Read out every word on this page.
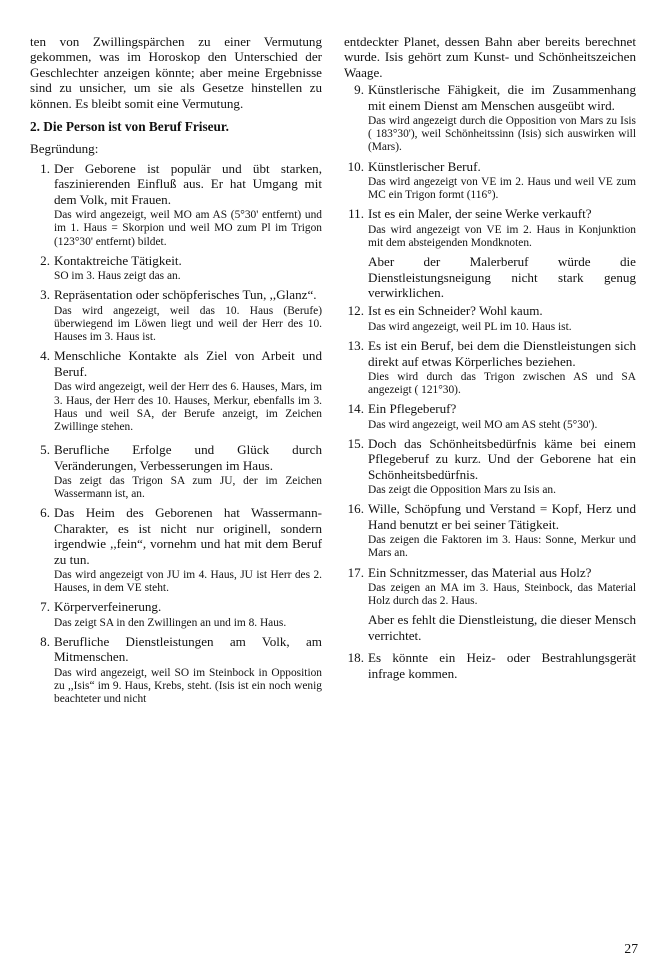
ten von Zwillingspärchen zu einer Vermutung gekommen, was im Horoskop den Unterschied der Geschlechter anzeigen könnte; aber meine Ergebnisse sind zu unsicher, um sie als Gesetze hinstellen zu können. Es bleibt somit eine Vermutung.

2. Die Person ist von Beruf Friseur.

Begründung:

1. Der Geborene ist populär und übt starken, faszinierenden Einfluß aus. Er hat Umgang mit dem Volk, mit Frauen.
Das wird angezeigt, weil MO am AS (5°30' entfernt) und im 1. Haus = Skorpion und weil MO zum Pl im Trigon (123°30' entfernt) bildet.
2. Kontaktreiche Tätigkeit.
SO im 3. Haus zeigt das an.
3. Repräsentation oder schöpferisches Tun, ,,Glanz“.
Das wird angezeigt, weil das 10. Haus (Berufe) überwiegend im Löwen liegt und weil der Herr des 10. Hauses im 3. Haus ist.
4. Menschliche Kontakte als Ziel von Arbeit und Beruf.
Das wird angezeigt, weil der Herr des 6. Hauses, Mars, im 3. Haus, der Herr des 10. Hauses, Merkur, ebenfalls im 3. Haus und weil SA, der Berufe anzeigt, im Zeichen Zwillinge stehen.
5. Berufliche Erfolge und Glück durch Veränderungen, Verbesserungen im Haus.
Das zeigt das Trigon SA zum JU, der im Zeichen Wassermann ist, an.
6. Das Heim des Geborenen hat Wassermann-Charakter, es ist nicht nur originell, sondern irgendwie ,,fein“, vornehm und hat mit dem Beruf zu tun.
Das wird angezeigt von JU im 4. Haus, JU ist Herr des 2. Hauses, in dem VE steht.
7. Körperverfeinerung.
Das zeigt SA in den Zwillingen an und im 8. Haus.
8. Berufliche Dienstleistungen am Volk, am Mitmenschen.
Das wird angezeigt, weil SO im Steinbock in Opposition zu ,,Isis“ im 9. Haus, Krebs, steht. (Isis ist ein noch wenig beachteter und nicht

entdeckter Planet, dessen Bahn aber bereits berechnet wurde. Isis gehört zum Kunst- und Schönheitszeichen Waage.

9. Künstlerische Fähigkeit, die im Zusammenhang mit einem Dienst am Menschen ausgeübt wird.
Das wird angezeigt durch die Opposition von Mars zu Isis ( 183°30'), weil Schönheitssinn (Isis) sich auswirken will (Mars).
10. Künstlerischer Beruf.
Das wird angezeigt von VE im 2. Haus und weil VE zum MC ein Trigon formt (116°).
11. Ist es ein Maler, der seine Werke verkauft?
Das wird angezeigt von VE im 2. Haus in Konjunktion mit dem absteigenden Mondknoten.
Aber der Malerberuf würde die Dienstleistungsneigung nicht stark genug verwirklichen.
12. Ist es ein Schneider? Wohl kaum.
Das wird angezeigt, weil PL im 10. Haus ist.
13. Es ist ein Beruf, bei dem die Dienstleistungen sich direkt auf etwas Körperliches beziehen.
Dies wird durch das Trigon zwischen AS und SA angezeigt ( 121°30).
14. Ein Pflegeberuf?
Das wird angezeigt, weil MO am AS steht (5°30').
15. Doch das Schönheitsbedürfnis käme bei einem Pflegeberuf zu kurz. Und der Geborene hat ein Schönheitsbedürfnis.
Das zeigt die Opposition Mars zu Isis an.
16. Wille, Schöpfung und Verstand = Kopf, Herz und Hand benutzt er bei seiner Tätigkeit.
Das zeigen die Faktoren im 3. Haus: Sonne, Merkur und Mars an.
17. Ein Schnitzmesser, das Material aus Holz?
Das zeigen an MA im 3. Haus, Steinbock, das Material Holz durch das 2. Haus.
Aber es fehlt die Dienstleistung, die dieser Mensch verrichtet.
18. Es könnte ein Heiz- oder Bestrahlungsgerät infrage kommen.
27
